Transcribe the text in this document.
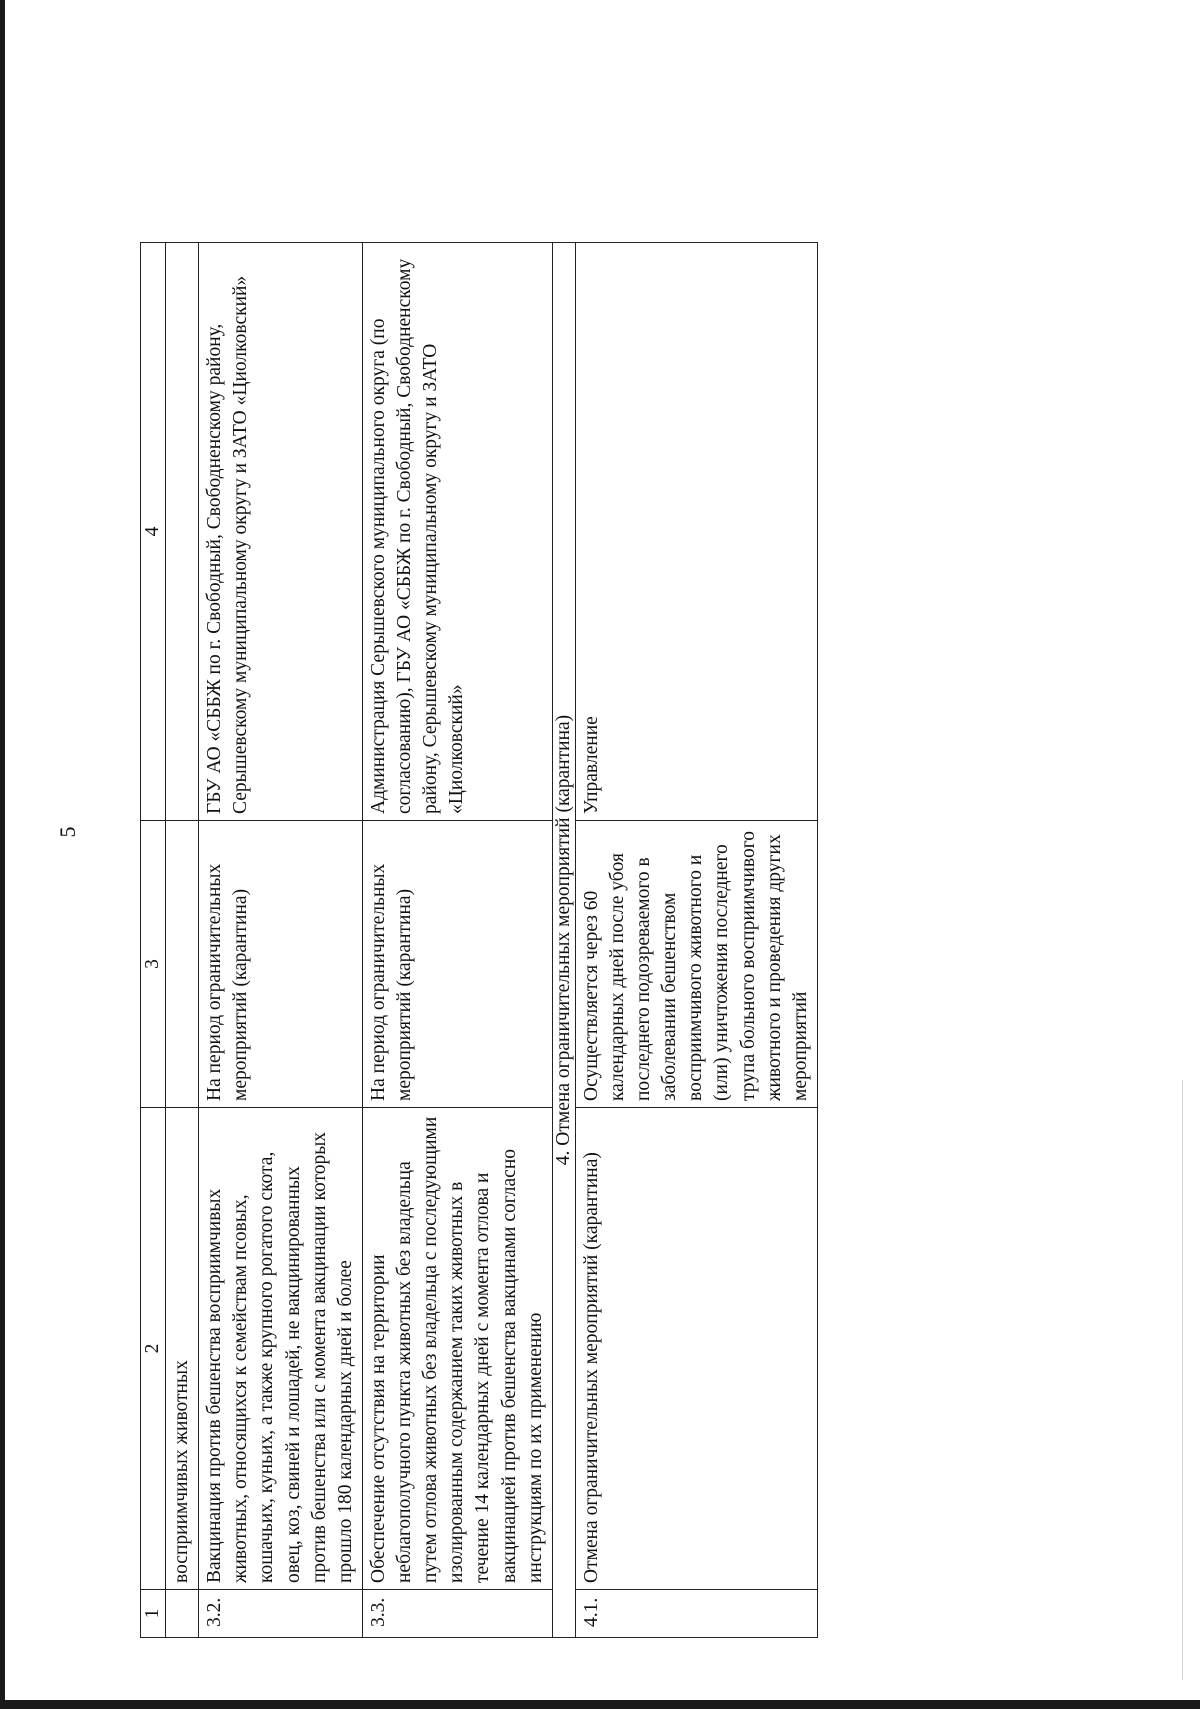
5
1	2	3	4
	восприимчивых животных		
3.2.	Вакцинация против бешенства восприимчивых животных, относящихся к семействам псовых, кошачьих, куньих, а также крупного рогатого скота, овец, коз, свиней и лошадей, не вакцинированных против бешенства или с момента вакцинации которых прошло 180 календарных дней и более	На период ограничительных мероприятий (карантина)	ГБУ АО «СББЖ по г. Свободный, Свободненскому району, Серышевскому муниципальному округу и ЗАТО «Циолковский»
3.3.	Обеспечение отсутствия на территории неблагополучного пункта животных без владельца путем отлова животных без владельца с последующими изолированным содержанием таких животных в течение 14 календарных дней с момента отлова и вакцинацией против бешенства вакцинами согласно инструкциям по их применению	На период ограничительных мероприятий (карантина)	Администрация Серышевского муниципального округа (по согласованию), ГБУ АО «СББЖ по г. Свободный, Свободненскому району, Серышевскому муниципальному округу и ЗАТО «Циолковский»
4. Отмена ограничительных мероприятий (карантина)			
4.1.	Отмена ограничительных мероприятий (карантина)	Осуществляется через 60 календарных дней после убоя последнего подозреваемого в заболевании бешенством восприимчивого животного и (или) уничтожения последнего трупа больного восприимчивого животного и проведения других мероприятий	Управление
